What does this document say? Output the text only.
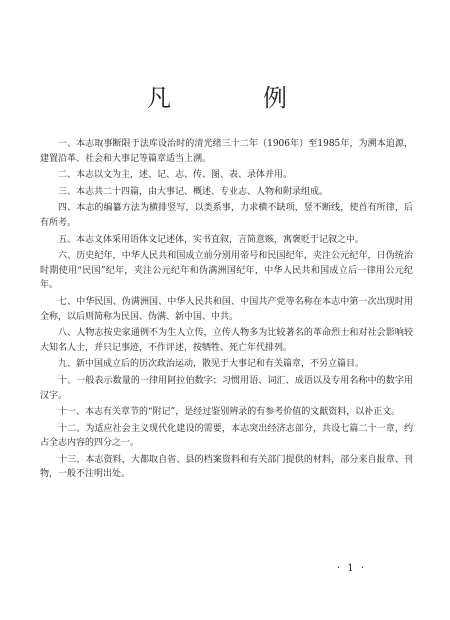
凡　例

一、本志取事断限于法库设治时的清光绪三十二年（1906年）至1985年，为溯本追源，建置沿革、社会和大事记等篇章适当上溯。

二、本志以文为主，述、记、志、传、图、表、录体并用。

三、本志共二十四篇，由大事记、概述、专业志、人物和附录组成。

四、本志的编纂方法为横排竖写，以类系事，力求横不缺项，竖不断线，使首有所律，后有所考。

五、本志文体采用语体文记述体，实书直叙，言简意赅，寓褒贬于记叙之中。

六、历史纪年，中华人民共和国成立前分别用帝号和民国纪年，夹注公元纪年，日伪统治时期使用“民国”纪年，夹注公元纪年和伪满洲国纪年，中华人民共和国成立后一律用公元纪年。

七、中华民国、伪满洲国、中华人民共和国、中国共产党等名称在本志中第一次出现时用全称，以后则简称为民国、伪满、新中国、中共。

八、人物志按史家通例不为生人立传，立传人物多为比较著名的革命烈士和对社会影响较大知名人士，并只记事迹，不作评述，按牺牲、死亡年代排列。

九、新中国成立后的历次政治运动，散见于大事记和有关篇章，不另立篇目。

十、一般表示数量的一律用阿拉伯数字；习惯用语、词汇、成语以及专用名称中的数字用汉字。

十一、本志有关章节的“附记”，是经过鉴别辨录的有参考价值的文献资料，以补正文。

十二、为适应社会主义现代化建设的需要，本志突出经济志部分，共设七篇二十一章，约占全志内容的四分之一。

十三、本志资料，大都取自省、县的档案资料和有关部门提供的材料，部分来自报章、刊物，一般不注明出处。

· 1 ·
